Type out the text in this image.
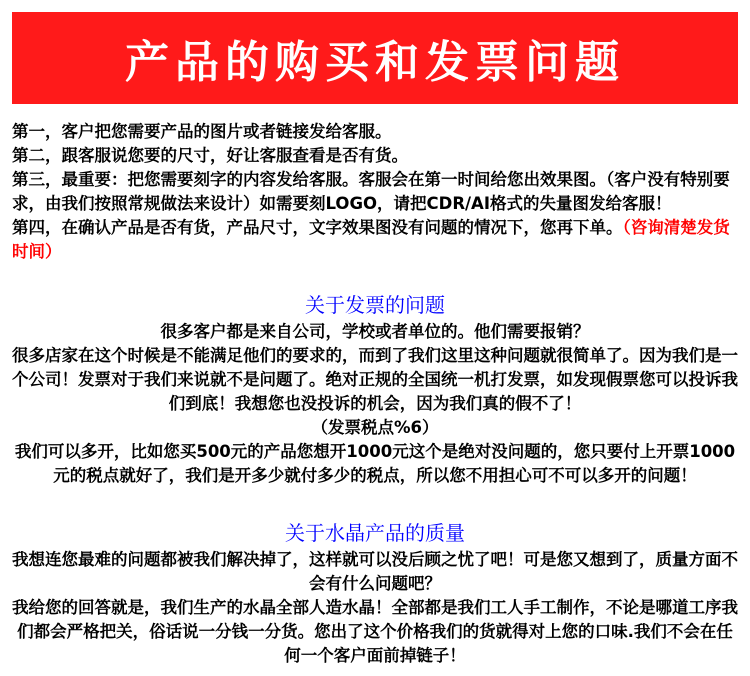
产品的购买和发票问题

第一，客户把您需要产品的图片或者链接发给客服。

第二，跟客服说您要的尺寸，好让客服查看是否有货。

第三，最重要：把您需要刻字的内容发给客服。客服会在第一时间给您出效果图。（客户没有特别要求，由我们按照常规做法来设计）如需要刻LOGO，请把CDR/AI格式的失量图发给客服！

第四，在确认产品是否有货，产品尺寸，文字效果图没有问题的情况下，您再下单。（咨询清楚发货时间）

关于发票的问题

很多客户都是来自公司，学校或者单位的。他们需要报销？

很多店家在这个时候是不能满足他们的要求的，而到了我们这里这种问题就很简单了。因为我们是一个公司！发票对于我们来说就不是问题了。绝对正规的全国统一机打发票，如发现假票您可以投诉我们到底！我想您也没投诉的机会，因为我们真的假不了！

（发票税点%6）

我们可以多开，比如您买500元的产品您想开1000元这个是绝对没问题的，您只要付上开票1000元的税点就好了，我们是开多少就付多少的税点，所以您不用担心可不可以多开的问题！

关于水晶产品的质量

我想连您最难的问题都被我们解决掉了，这样就可以没后顾之忧了吧！可是您又想到了，质量方面不会有什么问题吧？

我给您的回答就是，我们生产的水晶全部人造水晶！全部都是我们工人手工制作，不论是哪道工序我们都会严格把关，俗话说一分钱一分货。您出了这个价格我们的货就得对上您的口味.我们不会在任何一个客户面前掉链子！
